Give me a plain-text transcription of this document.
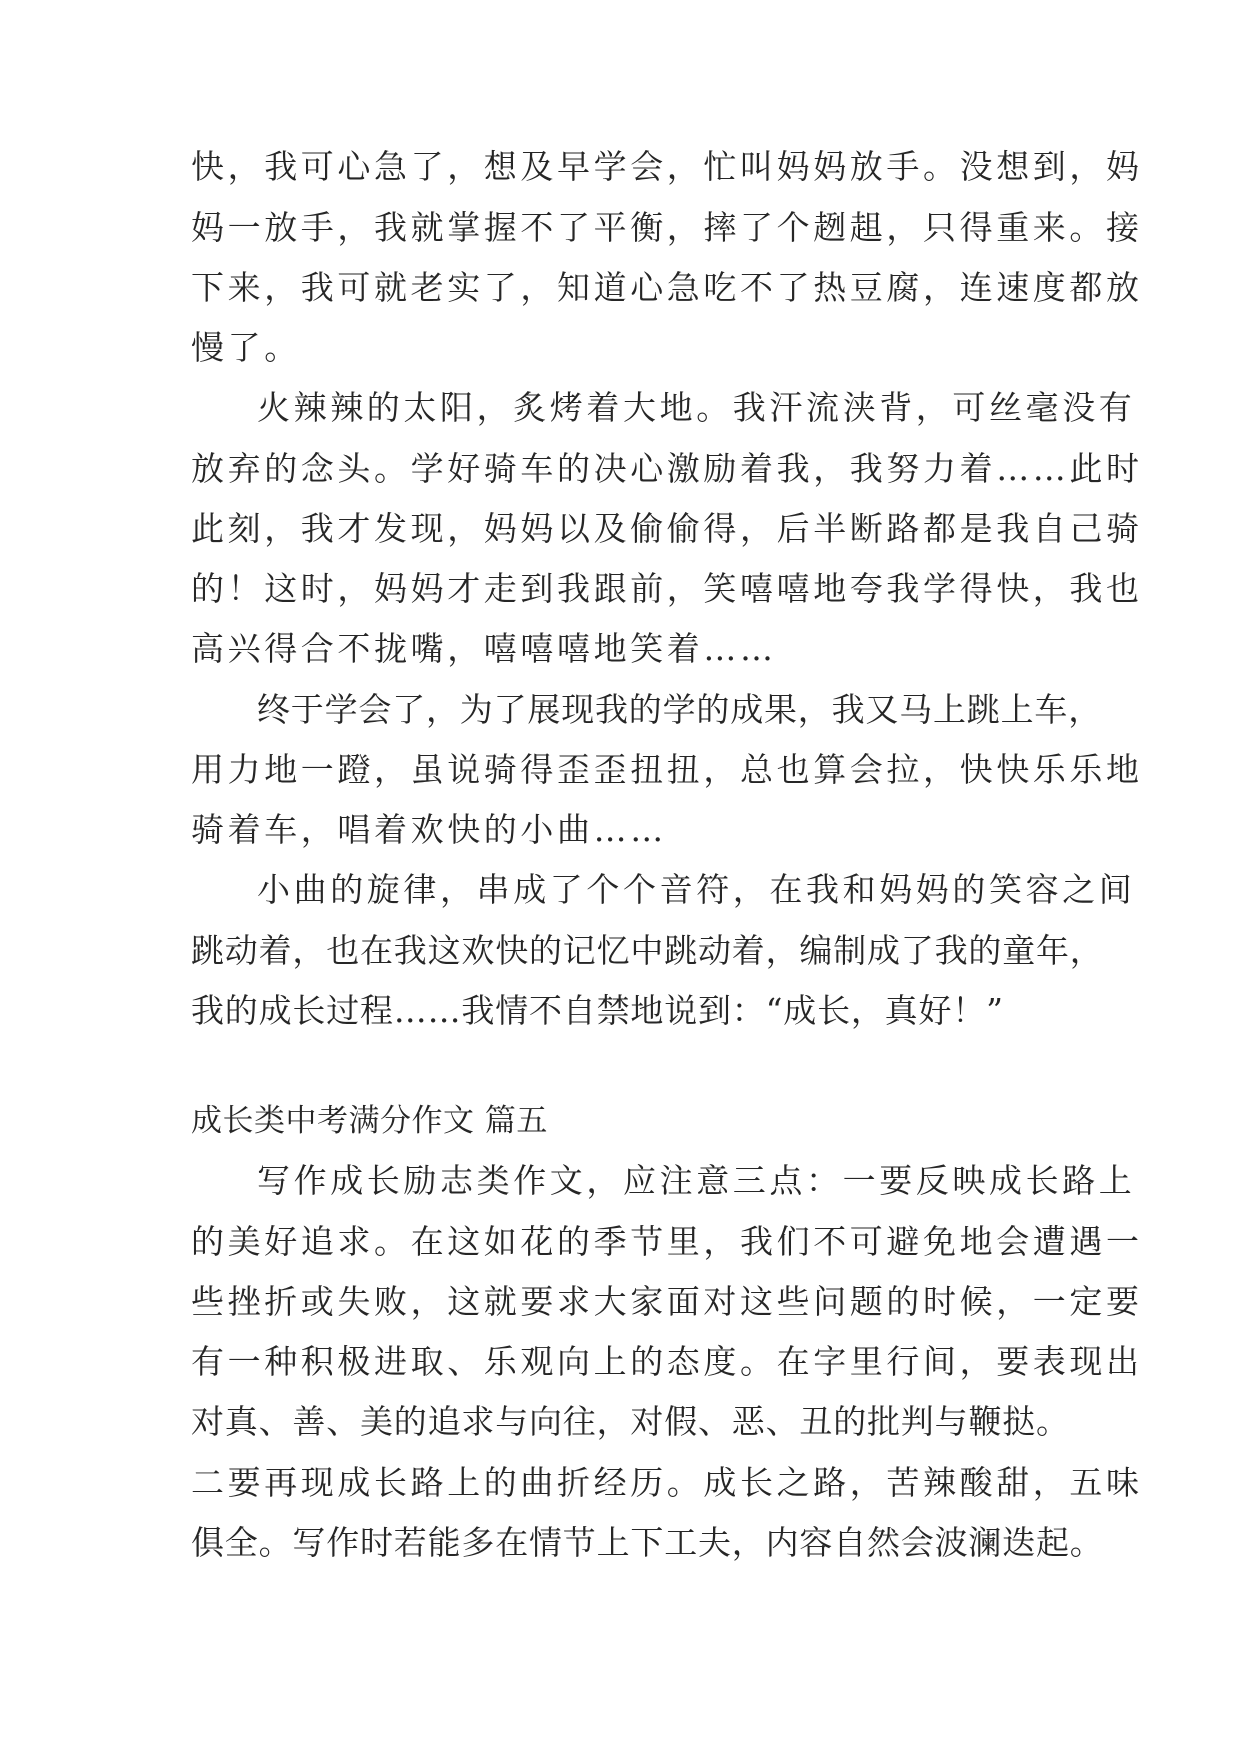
快，我可心急了，想及早学会，忙叫妈妈放手。没想到，妈
妈一放手，我就掌握不了平衡，摔了个趔趄，只得重来。接
下来，我可就老实了，知道心急吃不了热豆腐，连速度都放
慢了。
火辣辣的太阳，炙烤着大地。我汗流浃背，可丝毫没有
放弃的念头。学好骑车的决心激励着我，我努力着……此时
此刻，我才发现，妈妈以及偷偷得，后半断路都是我自己骑
的！这时，妈妈才走到我跟前，笑嘻嘻地夸我学得快，我也
高兴得合不拢嘴，嘻嘻嘻地笑着……
终于学会了，为了展现我的学的成果，我又马上跳上车，
用力地一蹬，虽说骑得歪歪扭扭，总也算会拉，快快乐乐地
骑着车，唱着欢快的小曲……
小曲的旋律，串成了个个音符，在我和妈妈的笑容之间
跳动着，也在我这欢快的记忆中跳动着，编制成了我的童年，
我的成长过程……我情不自禁地说到：“成长，真好！”
成长类中考满分作文 篇五
写作成长励志类作文，应注意三点：一要反映成长路上
的美好追求。在这如花的季节里，我们不可避免地会遭遇一
些挫折或失败，这就要求大家面对这些问题的时候，一定要
有一种积极进取、乐观向上的态度。在字里行间，要表现出
对真、善、美的追求与向往，对假、恶、丑的批判与鞭挞。
二要再现成长路上的曲折经历。成长之路，苦辣酸甜，五味
俱全。写作时若能多在情节上下工夫，内容自然会波澜迭起。
